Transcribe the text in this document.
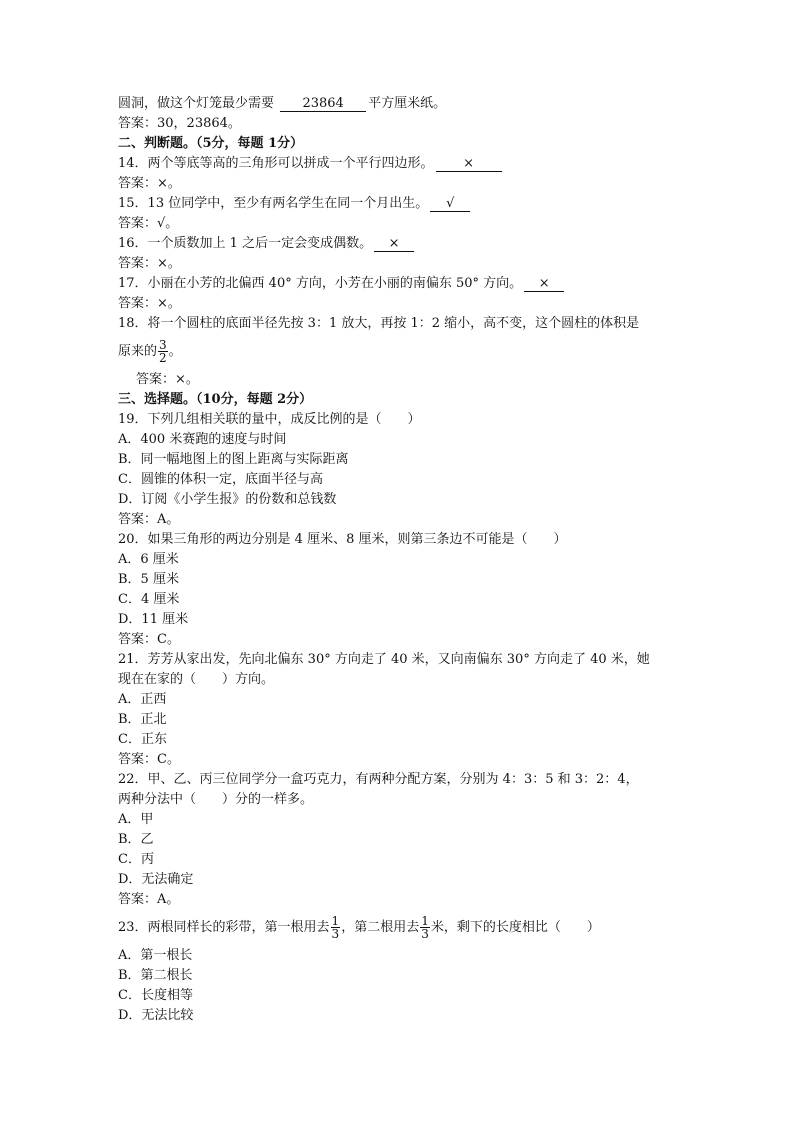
圆洞，做这个灯笼最少需要 23864 平方厘米纸。
答案：30，23864。
二、判断题。（5分，每题 1分）
14．两个等底等高的三角形可以拼成一个平行四边形。 ×
答案：×。
15．13 位同学中，至少有两名学生在同一个月出生。 √
答案：√。
16．一个质数加上 1 之后一定会变成偶数。 ×
答案：×。
17．小丽在小芳的北偏西 40° 方向，小芳在小丽的南偏东 50° 方向。 ×
答案：×。
18．将一个圆柱的底面半径先按 3：1 放大，再按 1：2 缩小，高不变，这个圆柱的体积是
原来的 $\frac{3}{2}$ 。
答案：×。
三、选择题。（10分，每题 2分）
19．下列几组相关联的量中，成反比例的是（　　）
A．400 米赛跑的速度与时间
B．同一幅地图上的图上距离与实际距离
C．圆锥的体积一定，底面半径与高
D．订阅《小学生报》的份数和总钱数
答案：A。
20．如果三角形的两边分别是 4 厘米、8 厘米，则第三条边不可能是（　　）
A．6 厘米
B．5 厘米
C．4 厘米
D．11 厘米
答案：C。
21．芳芳从家出发，先向北偏东 30° 方向走了 40 米，又向南偏东 30° 方向走了 40 米，她
现在在家的（　　）方向。
A．正西
B．正北
C．正东
答案：C。
22．甲、乙、丙三位同学分一盒巧克力，有两种分配方案，分别为 4：3：5 和 3：2：4，
两种分法中（　　）分的一样多。
A．甲
B．乙
C．丙
D．无法确定
答案：A。
23．两根同样长的彩带，第一根用去 $\frac{1}{3}$ ，第二根用去 $\frac{1}{3}$ 米，剩下的长度相比（　　）
A．第一根长
B．第二根长
C．长度相等
D．无法比较
